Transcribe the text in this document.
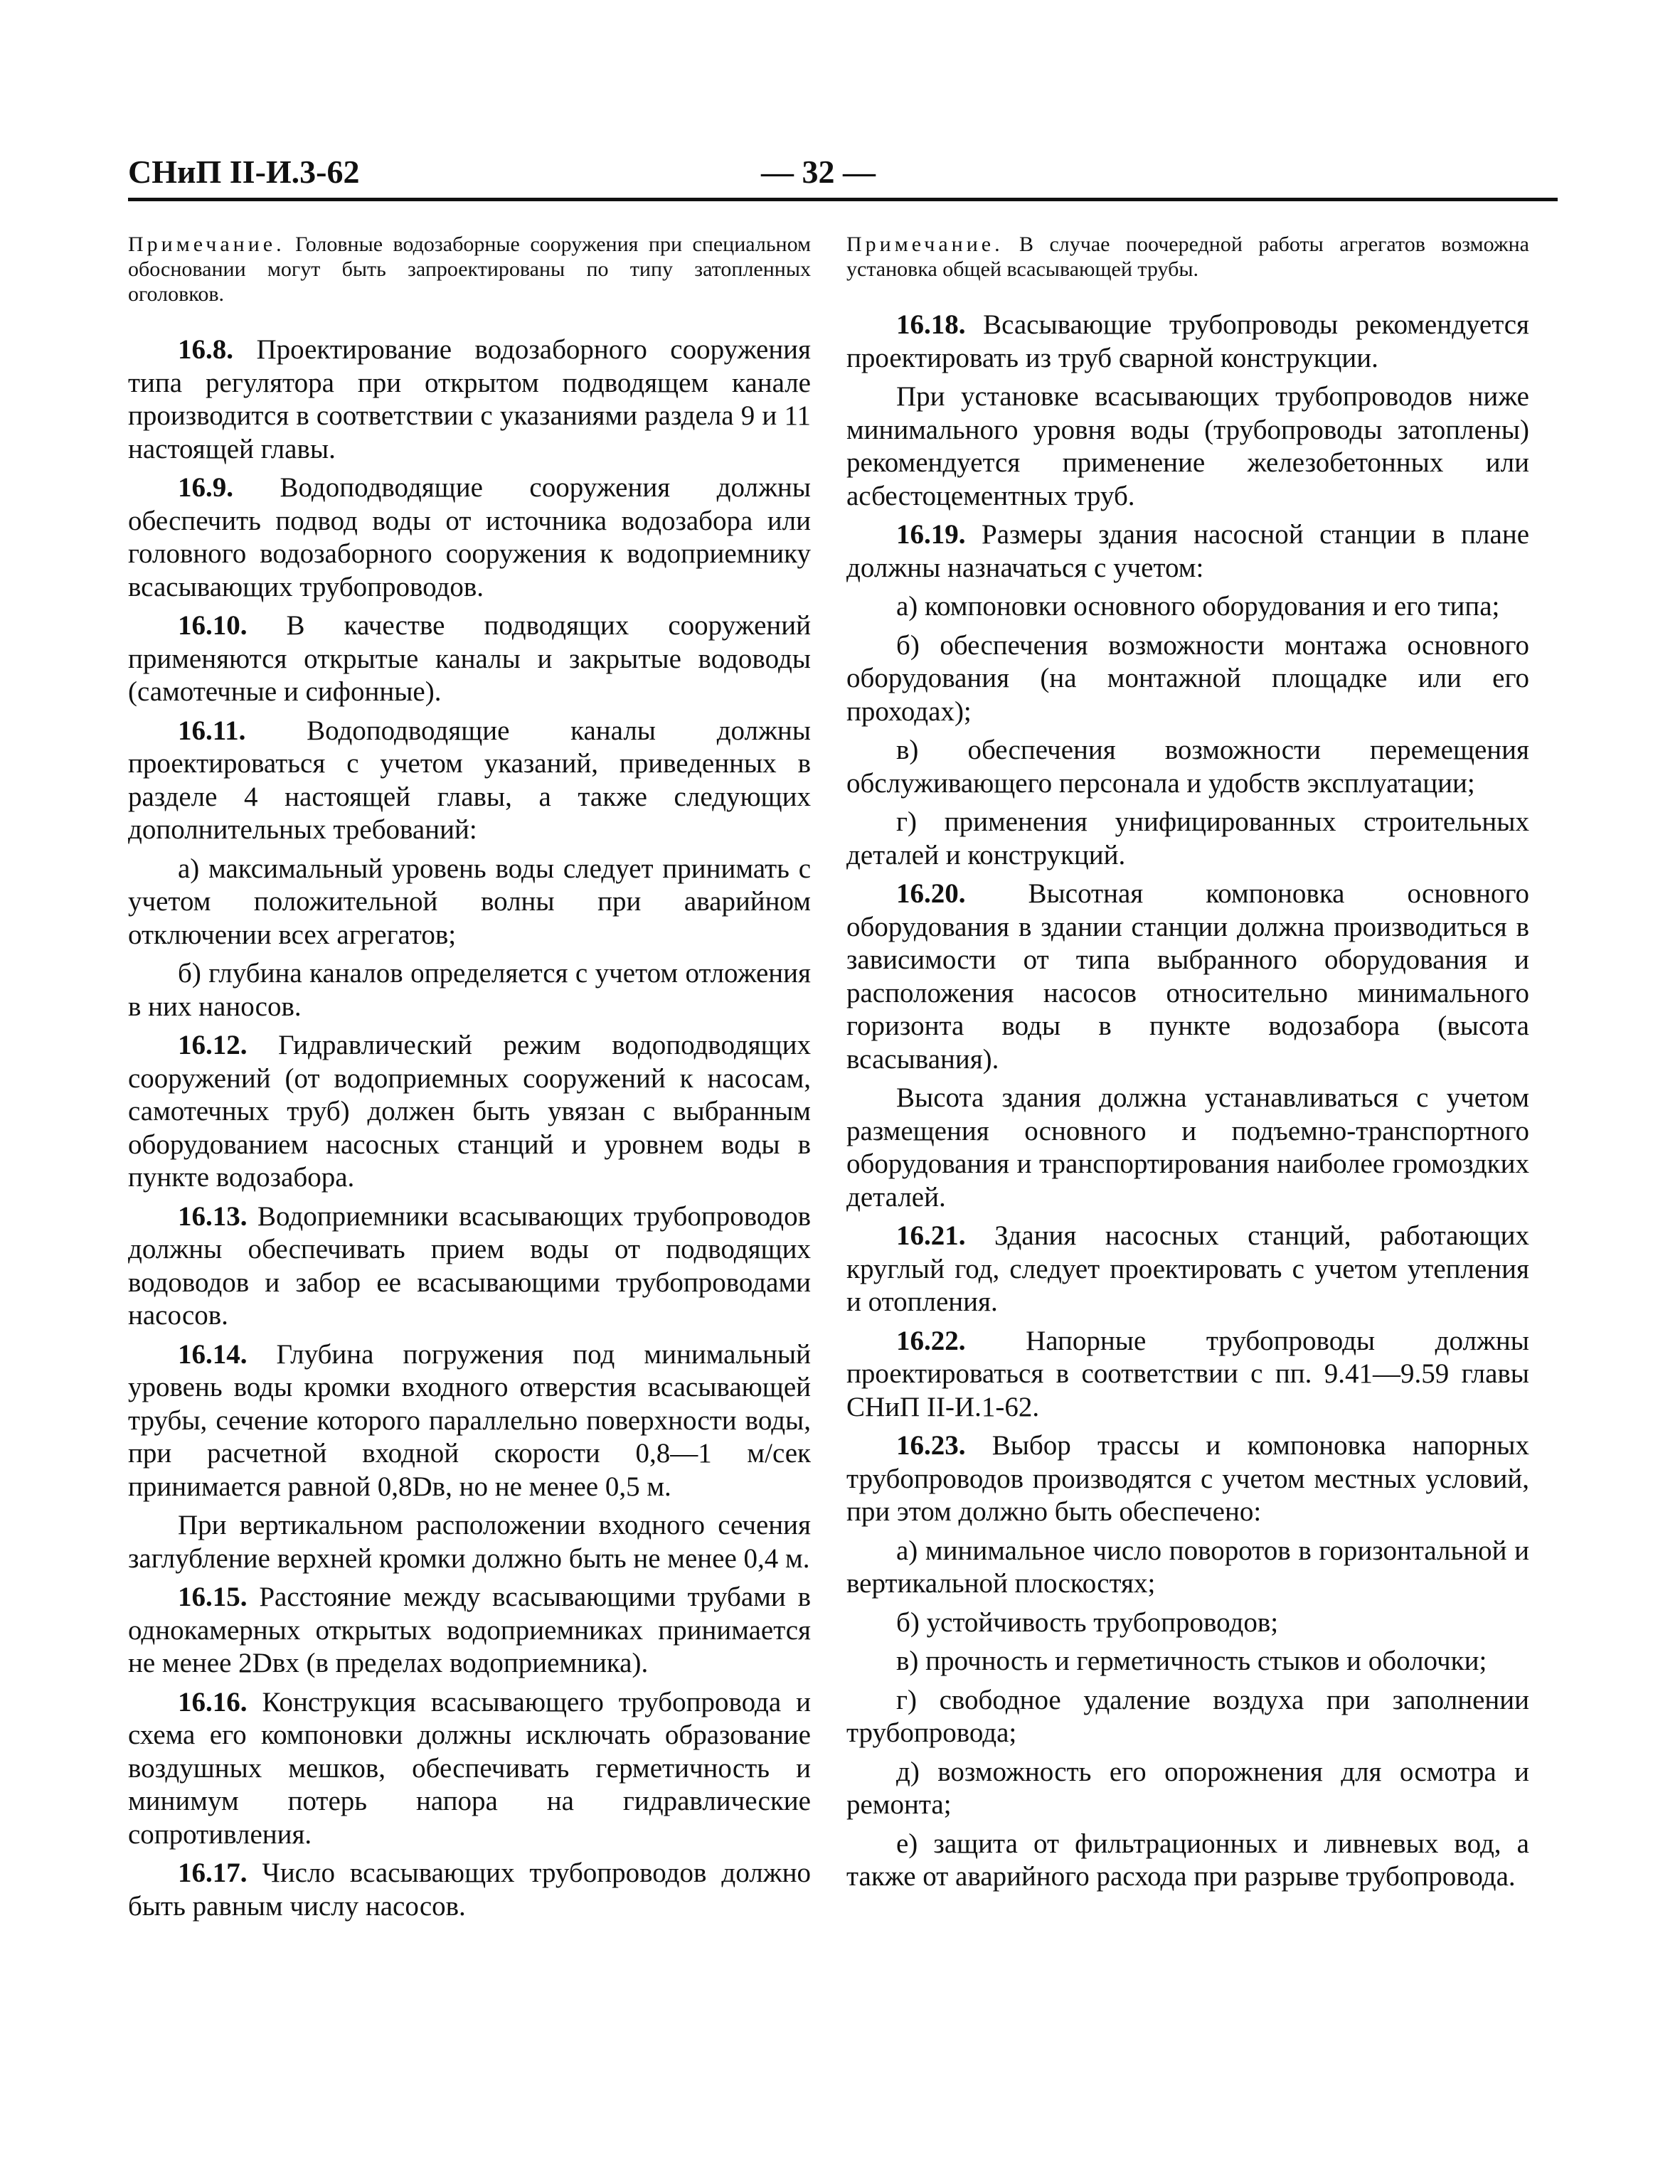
СНиП II-И.3-62	— 32 —
Примечание. Головные водозаборные сооружения при специальном обосновании могут быть запроектированы по типу затопленных оголовков.

16.8. Проектирование водозаборного сооружения типа регулятора при открытом подводящем канале производится в соответствии с указаниями раздела 9 и 11 настоящей главы.

16.9. Водоподводящие сооружения должны обеспечить подвод воды от источника водозабора или головного водозаборного сооружения к водоприемнику всасывающих трубопроводов.

16.10. В качестве подводящих сооружений применяются открытые каналы и закрытые водоводы (самотечные и сифонные).

16.11. Водоподводящие каналы должны проектироваться с учетом указаний, приведенных в разделе 4 настоящей главы, а также следующих дополнительных требований:

а) максимальный уровень воды следует принимать с учетом положительной волны при аварийном отключении всех агрегатов;

б) глубина каналов определяется с учетом отложения в них наносов.

16.12. Гидравлический режим водоподводящих сооружений (от водоприемных сооружений к насосам, самотечных труб) должен быть увязан с выбранным оборудованием насосных станций и уровнем воды в пункте водозабора.

16.13. Водоприемники всасывающих трубопроводов должны обеспечивать прием воды от подводящих водоводов и забор ее всасывающими трубопроводами насосов.

16.14. Глубина погружения под минимальный уровень воды кромки входного отверстия всасывающей трубы, сечение которого параллельно поверхности воды, при расчетной входной скорости 0,8—1 м/сек принимается равной 0,8Dв, но не менее 0,5 м.

При вертикальном расположении входного сечения заглубление верхней кромки должно быть не менее 0,4 м.

16.15. Расстояние между всасывающими трубами в однокамерных открытых водоприемниках принимается не менее 2Dвх (в пределах водоприемника).

16.16. Конструкция всасывающего трубопровода и схема его компоновки должны исключать образование воздушных мешков, обеспечивать герметичность и минимум потерь напора на гидравлические сопротивления.

16.17. Число всасывающих трубопроводов должно быть равным числу насосов.

Примечание. В случае поочередной работы агрегатов возможна установка общей всасывающей трубы.

16.18. Всасывающие трубопроводы рекомендуется проектировать из труб сварной конструкции.

При установке всасывающих трубопроводов ниже минимального уровня воды (трубопроводы затоплены) рекомендуется применение железобетонных или асбестоцементных труб.

16.19. Размеры здания насосной станции в плане должны назначаться с учетом:

а) компоновки основного оборудования и его типа;

б) обеспечения возможности монтажа основного оборудования (на монтажной площадке или его проходах);

в) обеспечения возможности перемещения обслуживающего персонала и удобств эксплуатации;

г) применения унифицированных строительных деталей и конструкций.

16.20. Высотная компоновка основного оборудования в здании станции должна производиться в зависимости от типа выбранного оборудования и расположения насосов относительно минимального горизонта воды в пункте водозабора (высота всасывания).

Высота здания должна устанавливаться с учетом размещения основного и подъемно-транспортного оборудования и транспортирования наиболее громоздких деталей.

16.21. Здания насосных станций, работающих круглый год, следует проектировать с учетом утепления и отопления.

16.22. Напорные трубопроводы должны проектироваться в соответствии с пп. 9.41—9.59 главы СНиП II-И.1-62.

16.23. Выбор трассы и компоновка напорных трубопроводов производятся с учетом местных условий, при этом должно быть обеспечено:

а) минимальное число поворотов в горизонтальной и вертикальной плоскостях;

б) устойчивость трубопроводов;

в) прочность и герметичность стыков и оболочки;

г) свободное удаление воздуха при заполнении трубопровода;

д) возможность его опорожнения для осмотра и ремонта;

е) защита от фильтрационных и ливневых вод, а также от аварийного расхода при разрыве трубопровода.
